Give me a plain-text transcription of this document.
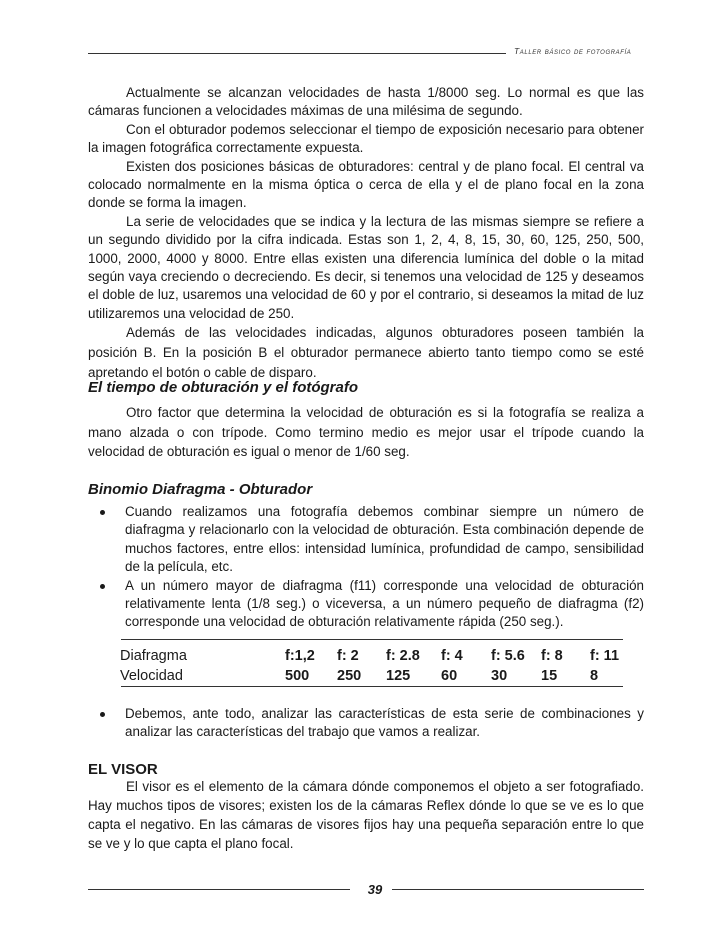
Taller básico de fotografía

Actualmente se alcanzan velocidades de hasta 1/8000 seg. Lo normal es que las cámaras funcionen a velocidades máximas de una milésima de segundo.

Con el obturador podemos seleccionar el tiempo de exposición necesario para obtener la imagen fotográfica correctamente expuesta.

Existen dos posiciones básicas de obturadores: central y de plano focal. El central va colocado normalmente en la misma óptica o cerca de ella y el de plano focal en la zona donde se forma la imagen.

La serie de velocidades que se indica y la lectura de las mismas siempre se refiere a un segundo dividido por la cifra indicada. Estas son 1, 2, 4, 8, 15, 30, 60, 125, 250, 500, 1000, 2000, 4000 y 8000. Entre ellas existen una diferencia lumínica del doble o la mitad según vaya creciendo o decreciendo. Es decir, si tenemos una velocidad de 125 y deseamos el doble de luz, usaremos una velocidad de 60 y por el contrario, si deseamos la mitad de luz utilizaremos una velocidad de 250.

Además de las velocidades indicadas, algunos obturadores poseen también la posición B. En la posición B el obturador permanece abierto tanto tiempo como se esté apretando el botón o cable de disparo.

El tiempo de obturación y el fotógrafo

Otro factor que determina la velocidad de obturación es si la fotografía se realiza a mano alzada o con trípode. Como termino medio es mejor usar el trípode cuando la velocidad de obturación es igual o menor de 1/60 seg.

Binomio Diafragma - Obturador
Cuando realizamos una fotografía debemos combinar siempre un número de diafragma y relacionarlo con la velocidad de obturación. Esta combinación depende de muchos factores, entre ellos: intensidad lumínica, profundidad de campo, sensibilidad de la película, etc.
A un número mayor de diafragma (f11) corresponde una velocidad de obturación relativamente lenta (1/8 seg.) o viceversa, a un número pequeño de diafragma (f2) corresponde una velocidad de obturación relativamente rápida (250 seg.).
Diafragma	f:1,2	f: 2	f: 2.8	f: 4	f: 5.6	f: 8	f: 11
Velocidad	500	250	125	60	30	15	8
Debemos, ante todo, analizar las características de esta serie de combinaciones y analizar las características del trabajo que vamos a realizar.
EL VISOR

El visor es el elemento de la cámara dónde componemos el objeto a ser fotografiado. Hay muchos tipos de visores; existen los de la cámaras Reflex dónde lo que se ve es lo que capta el negativo. En las cámaras de visores fijos hay una pequeña separación entre lo que se ve y lo que capta el plano focal.

39
